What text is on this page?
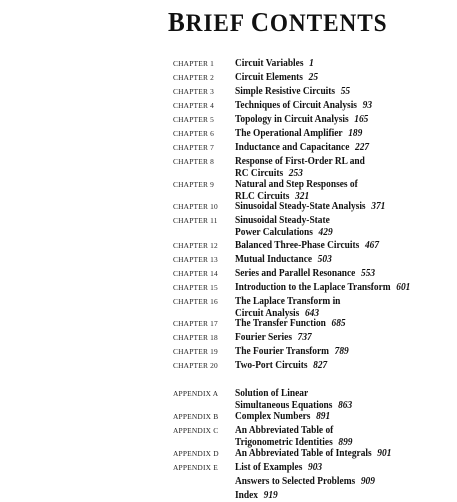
BRIEF CONTENTS
CHAPTER 1 Circuit Variables 1
CHAPTER 2 Circuit Elements 25
CHAPTER 3 Simple Resistive Circuits 55
CHAPTER 4 Techniques of Circuit Analysis 93
CHAPTER 5 Topology in Circuit Analysis 165
CHAPTER 6 The Operational Amplifier 189
CHAPTER 7 Inductance and Capacitance 227
CHAPTER 8 Response of First-Order RL and
RC Circuits 253
CHAPTER 9 Natural and Step Responses of
RLC Circuits 321
CHAPTER 10 Sinusoidal Steady-State Analysis 371
CHAPTER 11 Sinusoidal Steady-State
Power Calculations 429
CHAPTER 12 Balanced Three-Phase Circuits 467
CHAPTER 13 Mutual Inductance 503
CHAPTER 14 Series and Parallel Resonance 553
CHAPTER 15 Introduction to the Laplace Transform 601
CHAPTER 16 The Laplace Transform in
Circuit Analysis 643
CHAPTER 17 The Transfer Function 685
CHAPTER 18 Fourier Series 737
CHAPTER 19 The Fourier Transform 789
CHAPTER 20 Two-Port Circuits 827
APPENDIX A Solution of Linear
Simultaneous Equations 863
APPENDIX B Complex Numbers 891
APPENDIX C An Abbreviated Table of
Trigonometric Identities 899
APPENDIX D An Abbreviated Table of Integrals 901
APPENDIX E List of Examples 903
Answers to Selected Problems 909
Index 919
